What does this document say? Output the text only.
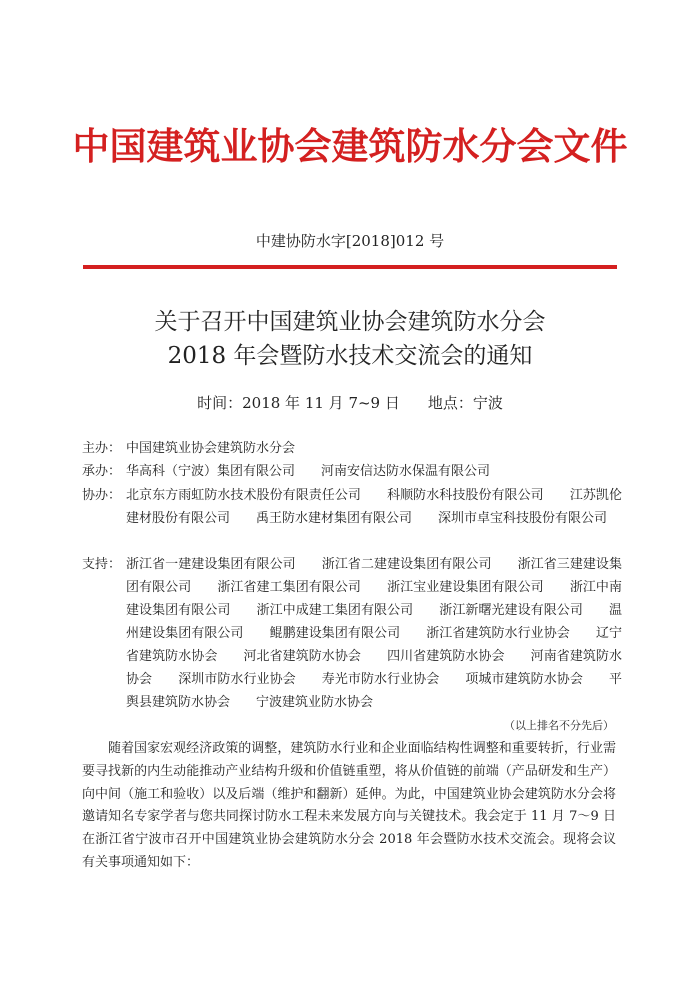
中国建筑业协会建筑防水分会文件
中建协防水字[2018]012 号
关于召开中国建筑业协会建筑防水分会
2018 年会暨防水技术交流会的通知
时间：2018 年 11 月 7~9 日 地点：宁波
主办： 中国建筑业协会建筑防水分会
承办： 华高科（宁波）集团有限公司　　河南安信达防水保温有限公司
协办： 北京东方雨虹防水技术股份有限责任公司　　科顺防水科技股份有限公司　　江苏凯伦建材股份有限公司　　禹王防水建材集团有限公司　　深圳市卓宝科技股份有限公司
支持： 浙江省一建建设集团有限公司　　浙江省二建建设集团有限公司　　浙江省三建建设集团有限公司　　浙江省建工集团有限公司　　浙江宝业建设集团有限公司　　浙江中南建设集团有限公司　　浙江中成建工集团有限公司　　浙江新曙光建设有限公司　　温州建设集团有限公司　　鲲鹏建设集团有限公司　　浙江省建筑防水行业协会　　辽宁省建筑防水协会　　河北省建筑防水协会　　四川省建筑防水协会　　河南省建筑防水协会　　深圳市防水行业协会　　寿光市防水行业协会　　项城市建筑防水协会　　平舆县建筑防水协会　　宁波建筑业防水协会
（以上排名不分先后）
随着国家宏观经济政策的调整，建筑防水行业和企业面临结构性调整和重要转折，行业需要寻找新的内生动能推动产业结构升级和价值链重塑，将从价值链的前端（产品研发和生产）向中间（施工和验收）以及后端（维护和翻新）延伸。为此，中国建筑业协会建筑防水分会将邀请知名专家学者与您共同探讨防水工程未来发展方向与关键技术。我会定于 11 月 7～9 日在浙江省宁波市召开中国建筑业协会建筑防水分会 2018 年会暨防水技术交流会。现将会议有关事项通知如下：
